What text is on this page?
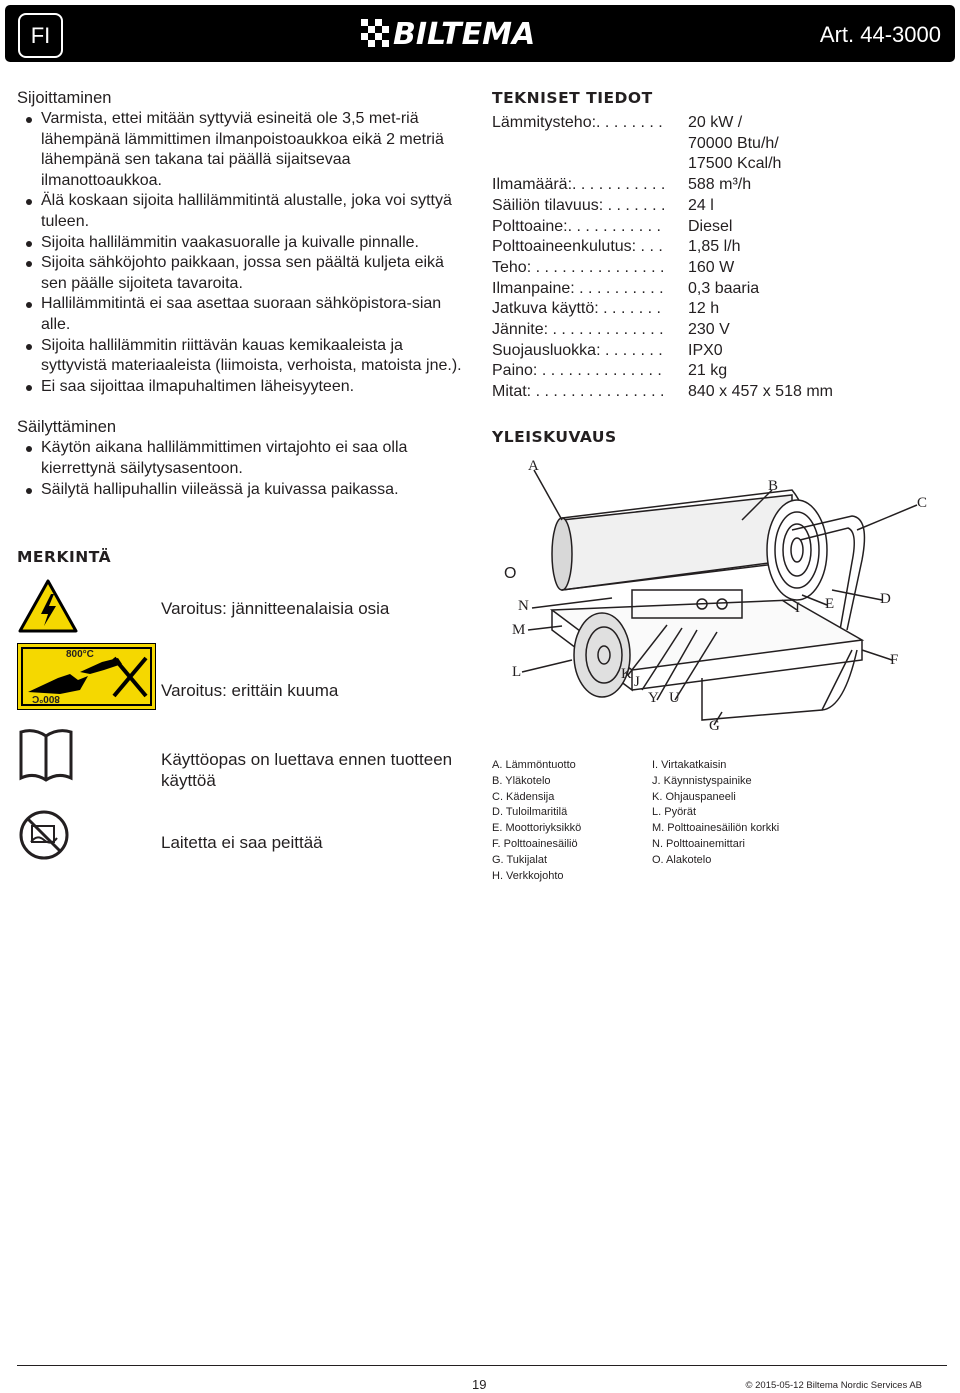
FI	BILTEMA	Art. 44-3000
Sijoittaminen
Varmista, ettei mitään syttyviä esineitä ole 3,5 met-riä lähempänä lämmittimen ilmanpoistoaukkoa eikä 2 metriä lähempänä sen takana tai päällä sijaitsevaa ilmanottoaukkoa.
Älä koskaan sijoita hallilämmitintä alustalle, joka voi syttyä tuleen.
Sijoita hallilämmitin vaakasuoralle ja kuivalle pinnalle.
Sijoita sähköjohto paikkaan, jossa sen päältä kuljeta eikä sen päälle sijoiteta tavaroita.
Hallilämmitintä ei saa asettaa suoraan sähköpistora-sian alle.
Sijoita hallilämmitin riittävän kauas kemikaaleista ja syttyvistä materiaaleista (liimoista, verhoista, matoista jne.).
Ei saa sijoittaa ilmapuhaltimen läheisyyteen.
Säilyttäminen
Käytön aikana hallilämmittimen virtajohto ei saa olla kierrettynä säilytysasentoon.
Säilytä hallipuhallin viileässä ja kuivassa paikassa.
MERKINTÄ
Varoitus: jännitteenalaisia osia
800°C
800°C	Varoitus: erittäin kuuma
Käyttöopas on luettava ennen tuotteen käyttöä
Laitetta ei saa peittää
TEKNISET TIEDOT
Lämmitysteho:. . . . . . . .	20 kW /
70000 Btu/h/
17500 Kcal/h
Ilmamäärä:. . . . . . . . . . .	588 m³/h
Säiliön tilavuus: . . . . . . .	24 l
Polttoaine:. . . . . . . . . . .	Diesel
Polttoaineenkulutus: . . .	1,85 l/h
Teho: . . . . . . . . . . . . . . .	160 W
Ilmanpaine: . . . . . . . . . .	0,3 baaria
Jatkuva käyttö: . . . . . . .	12 h
Jännite: . . . . . . . . . . . . .	230 V
Suojausluokka: . . . . . . .	IPX0
Paino: . . . . . . . . . . . . . .	21 kg
Mitat: . . . . . . . . . . . . . . .	840 x 457 x 518 mm
YLEISKUVAUS
A
B
C
D
E
F
G
I
J
K
Y U
L
M
N
O
A. Lämmöntuotto
B. Yläkotelo
C. Kädensija
D. Tuloilmaritilä
E. Moottoriyksikkö
F. Polttoainesäiliö
G. Tukijalat
H. Verkkojohto
I. Virtakatkaisin
J. Käynnistyspainike
K. Ohjauspaneeli
L. Pyörät
M. Polttoainesäiliön korkki
N. Polttoainemittari
O. Alakotelo
19	© 2015-05-12 Biltema Nordic Services AB
